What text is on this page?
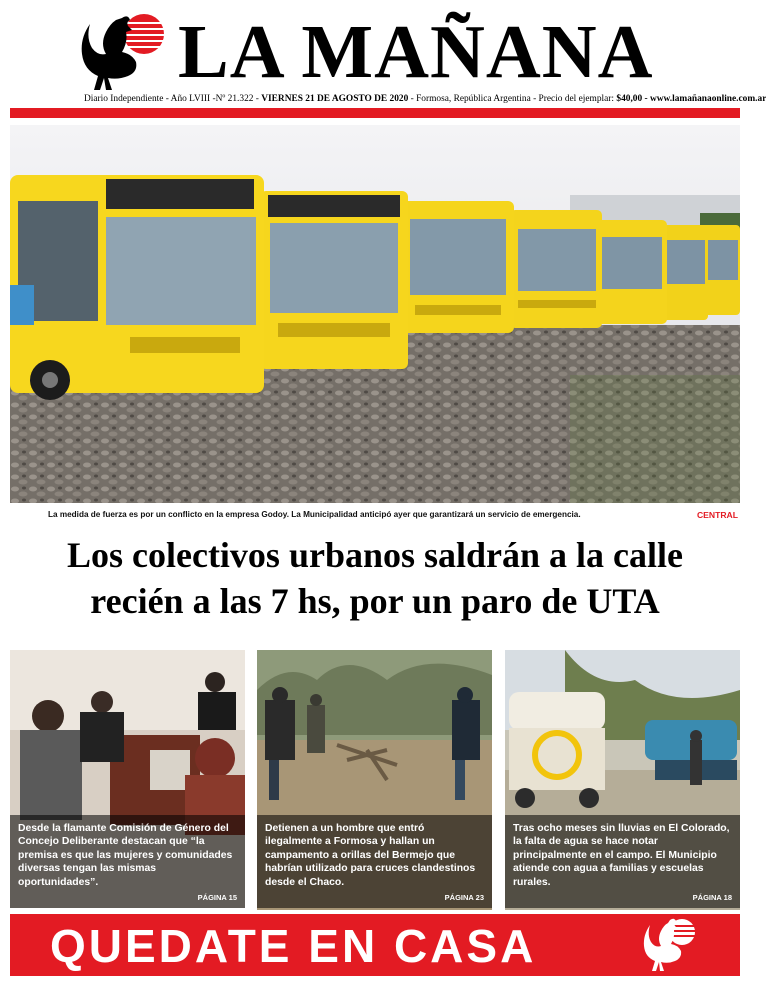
LA MAÑANA
Diario Independiente - Año LVIII -Nº 21.322 - VIERNES 21 DE AGOSTO DE 2020 - Formosa, República Argentina - Precio del ejemplar: $40,00 - www.lamañanaonline.com.ar
La medida de fuerza es por un conflicto en la empresa Godoy. La Municipalidad anticipó ayer que garantizará un servicio de emergencia.	CENTRAL
Los colectivos urbanos saldrán a la calle
recién a las 7 hs, por un paro de UTA
Desde la flamante Comisión de Género del Concejo Deliberante destacan que “la premisa es que las mujeres y comunidades diversas tengan las mismas oportunidades”.
PÁGINA 15
Detienen a un hombre que entró ilegalmente a Formosa y hallan un campamento a orillas del Bermejo que habrían utilizado para cruces clandestinos desde el Chaco.
PÁGINA 23
Tras ocho meses sin lluvias en El Colorado, la falta de agua se hace notar principalmente en el campo. El Municipio atiende con agua a familias y escuelas rurales.
PÁGINA 18
QUEDATE EN CASA
